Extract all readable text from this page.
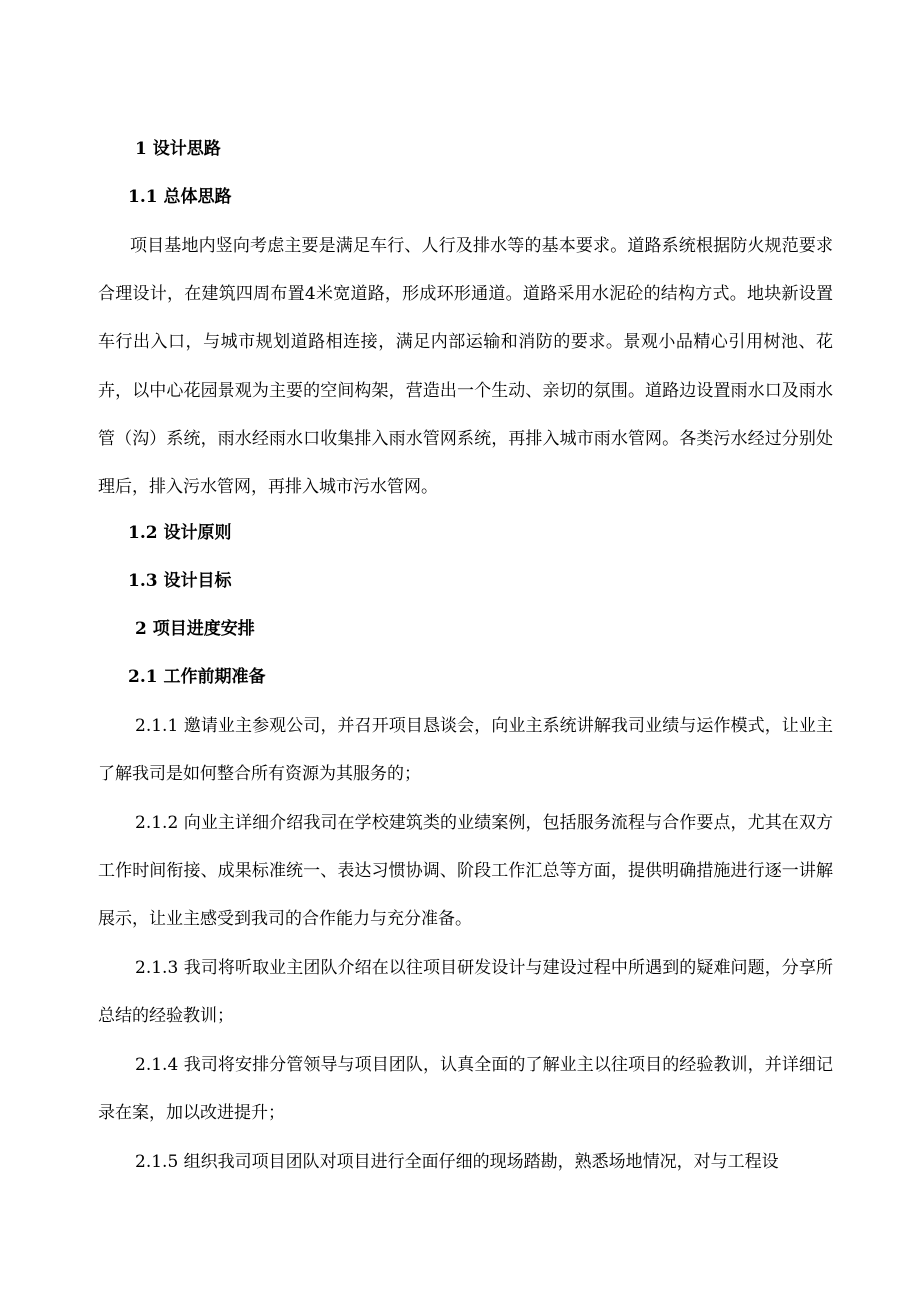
1 设计思路
1.1 总体思路
项目基地内竖向考虑主要是满足车行、人行及排水等的基本要求。道路系统根据防火规范要求合理设计，在建筑四周布置4米宽道路，形成环形通道。道路采用水泥砼的结构方式。地块新设置车行出入口，与城市规划道路相连接，满足内部运输和消防的要求。景观小品精心引用树池、花卉，以中心花园景观为主要的空间构架，营造出一个生动、亲切的氛围。道路边设置雨水口及雨水管（沟）系统，雨水经雨水口收集排入雨水管网系统，再排入城市雨水管网。各类污水经过分别处理后，排入污水管网，再排入城市污水管网。
1.2 设计原则
1.3 设计目标
2 项目进度安排
2.1 工作前期准备
2.1.1 邀请业主参观公司，并召开项目恳谈会，向业主系统讲解我司业绩与运作模式，让业主了解我司是如何整合所有资源为其服务的；
2.1.2 向业主详细介绍我司在学校建筑类的业绩案例，包括服务流程与合作要点，尤其在双方工作时间衔接、成果标准统一、表达习惯协调、阶段工作汇总等方面，提供明确措施进行逐一讲解展示，让业主感受到我司的合作能力与充分准备。
2.1.3 我司将听取业主团队介绍在以往项目研发设计与建设过程中所遇到的疑难问题，分享所总结的经验教训；
2.1.4 我司将安排分管领导与项目团队，认真全面的了解业主以往项目的经验教训，并详细记录在案，加以改进提升；
2.1.5 组织我司项目团队对项目进行全面仔细的现场踏勘，熟悉场地情况，对与工程设
